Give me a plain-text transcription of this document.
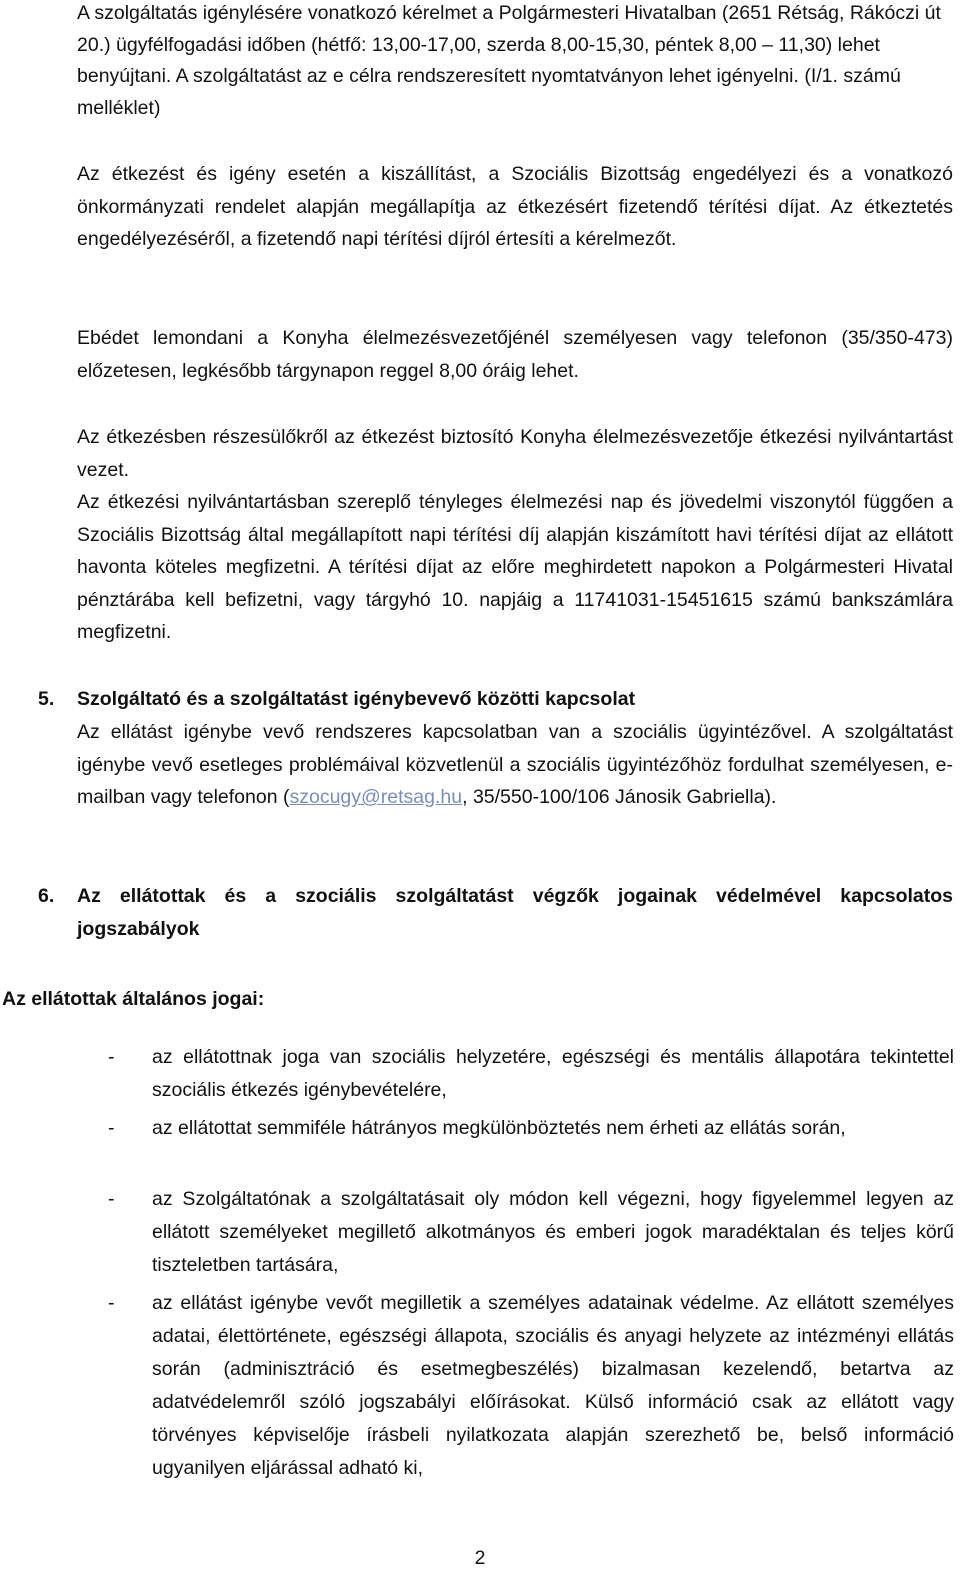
A szolgáltatás igénylésére vonatkozó kérelmet a Polgármesteri Hivatalban (2651 Rétság, Rákóczi út 20.) ügyfélfogadási időben (hétfő: 13,00-17,00, szerda 8,00-15,30, péntek 8,00 – 11,30) lehet benyújtani. A szolgáltatást az e célra rendszeresített nyomtatványon lehet igényelni. (I/1. számú melléklet)

Az étkezést és igény esetén a kiszállítást, a Szociális Bizottság engedélyezi és a vonatkozó önkormányzati rendelet alapján megállapítja az étkezésért fizetendő térítési díjat. Az étkeztetés engedélyezéséről, a fizetendő napi térítési díjról értesíti a kérelmezőt.

Ebédet lemondani a Konyha élelmezésvezetőjénél személyesen vagy telefonon (35/350-473) előzetesen, legkésőbb tárgynapon reggel 8,00 óráig lehet.

Az étkezésben részesülőkről az étkezést biztosító Konyha élelmezésvezetője étkezési nyilvántartást vezet.

Az étkezési nyilvántartásban szereplő tényleges élelmezési nap és jövedelmi viszonytól függően a Szociális Bizottság által megállapított napi térítési díj alapján kiszámított havi térítési díjat az ellátott havonta köteles megfizetni. A térítési díjat az előre meghirdetett napokon a Polgármesteri Hivatal pénztárába kell befizetni, vagy tárgyhó 10. napjáig a 11741031-15451615 számú bankszámlára megfizetni.

5. Szolgáltató és a szolgáltatást igénybevevő közötti kapcsolat

Az ellátást igénybe vevő rendszeres kapcsolatban van a szociális ügyintézővel. A szolgáltatást igénybe vevő esetleges problémáival közvetlenül a szociális ügyintézőhöz fordulhat személyesen, e-mailban vagy telefonon (szocugy@retsag.hu, 35/550-100/106 Jánosik Gabriella).

6. Az ellátottak és a szociális szolgáltatást végzők jogainak védelmével kapcsolatos jogszabályok

Az ellátottak általános jogai:

- az ellátottnak joga van szociális helyzetére, egészségi és mentális állapotára tekintettel szociális étkezés igénybevételére,
- az ellátottat semmiféle hátrányos megkülönböztetés nem érheti az ellátás során,
- az Szolgáltatónak a szolgáltatásait oly módon kell végezni, hogy figyelemmel legyen az ellátott személyeket megillető alkotmányos és emberi jogok maradéktalan és teljes körű tiszteletben tartására,
- az ellátást igénybe vevőt megilletik a személyes adatainak védelme. Az ellátott személyes adatai, élettörténete, egészségi állapota, szociális és anyagi helyzete az intézményi ellátás során (adminisztráció és esetmegbeszélés) bizalmasan kezelendő, betartva az adatvédelemről szóló jogszabályi előírásokat. Külső információ csak az ellátott vagy törvényes képviselője írásbeli nyilatkozata alapján szerezhető be, belső információ ugyanilyen eljárással adható ki,

2
